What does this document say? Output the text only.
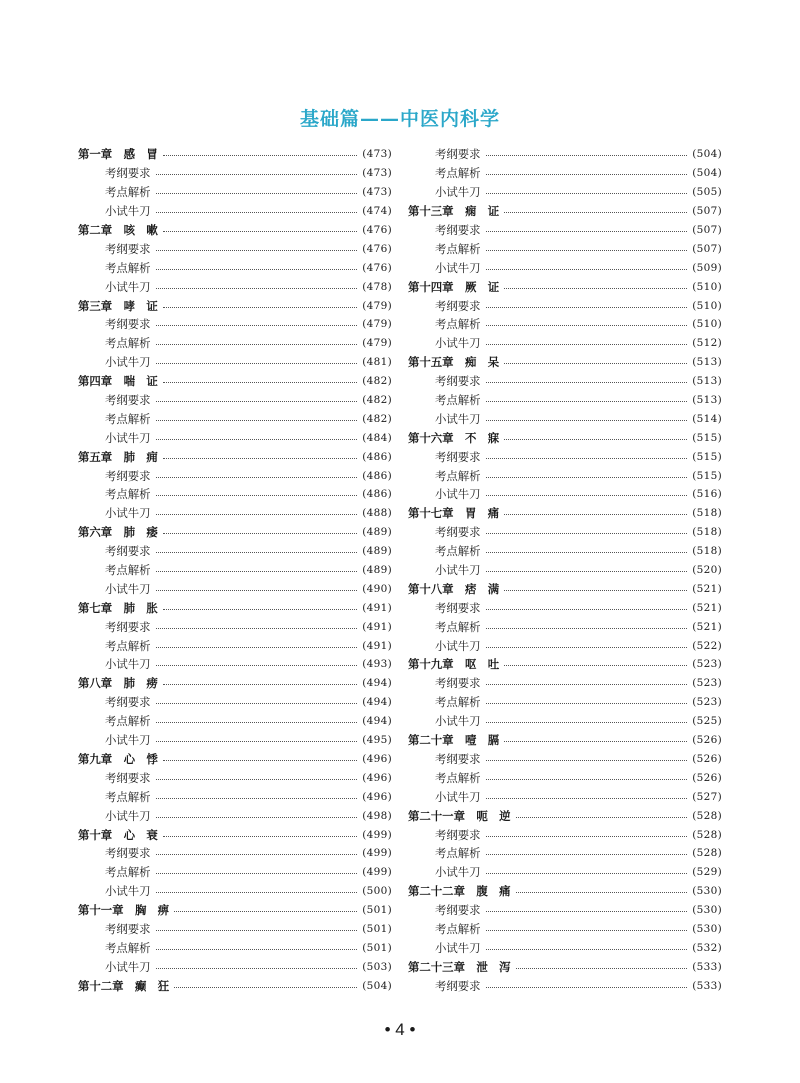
基础篇——中医内科学
第一章　感　冒	(473)
考纲要求	(473)
考点解析	(473)
小试牛刀	(474)
第二章　咳　嗽	(476)
考纲要求	(476)
考点解析	(476)
小试牛刀	(478)
第三章　哮　证	(479)
考纲要求	(479)
考点解析	(479)
小试牛刀	(481)
第四章　喘　证	(482)
考纲要求	(482)
考点解析	(482)
小试牛刀	(484)
第五章　肺　痈	(486)
考纲要求	(486)
考点解析	(486)
小试牛刀	(488)
第六章　肺　痿	(489)
考纲要求	(489)
考点解析	(489)
小试牛刀	(490)
第七章　肺　胀	(491)
考纲要求	(491)
考点解析	(491)
小试牛刀	(493)
第八章　肺　痨	(494)
考纲要求	(494)
考点解析	(494)
小试牛刀	(495)
第九章　心　悸	(496)
考纲要求	(496)
考点解析	(496)
小试牛刀	(498)
第十章　心　衰	(499)
考纲要求	(499)
考点解析	(499)
小试牛刀	(500)
第十一章　胸　痹	(501)
考纲要求	(501)
考点解析	(501)
小试牛刀	(503)
第十二章　癫　狂	(504)
考纲要求	(504)
考点解析	(504)
小试牛刀	(505)
第十三章　痫　证	(507)
考纲要求	(507)
考点解析	(507)
小试牛刀	(509)
第十四章　厥　证	(510)
考纲要求	(510)
考点解析	(510)
小试牛刀	(512)
第十五章　痴　呆	(513)
考纲要求	(513)
考点解析	(513)
小试牛刀	(514)
第十六章　不　寐	(515)
考纲要求	(515)
考点解析	(515)
小试牛刀	(516)
第十七章　胃　痛	(518)
考纲要求	(518)
考点解析	(518)
小试牛刀	(520)
第十八章　痞　满	(521)
考纲要求	(521)
考点解析	(521)
小试牛刀	(522)
第十九章　呕　吐	(523)
考纲要求	(523)
考点解析	(523)
小试牛刀	(525)
第二十章　噎　膈	(526)
考纲要求	(526)
考点解析	(526)
小试牛刀	(527)
第二十一章　呃　逆	(528)
考纲要求	(528)
考点解析	(528)
小试牛刀	(529)
第二十二章　腹　痛	(530)
考纲要求	(530)
考点解析	(530)
小试牛刀	(532)
第二十三章　泄　泻	(533)
考纲要求	(533)
• 4 •
